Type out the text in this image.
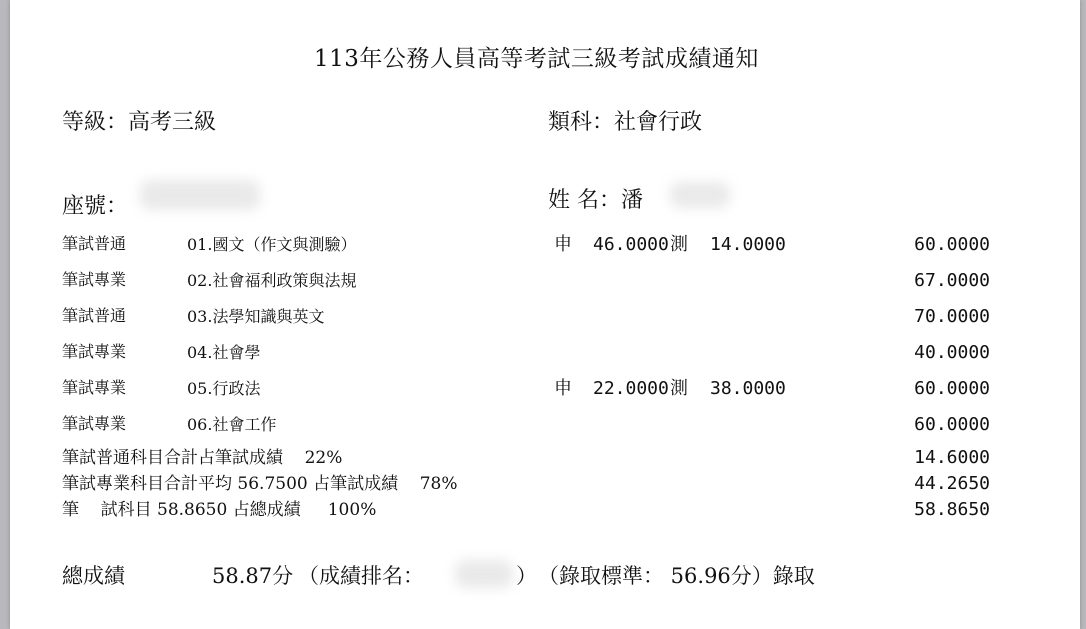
113年公務人員高等考試三級考試成績通知
等級：高考三級	類科：社會行政
座號：	姓 名：潘
筆試普通	01.國文（作文與測驗）	申 46.0000 測 14.0000	60.0000
筆試專業	02.社會福利政策與法規	67.0000
筆試普通	03.法學知識與英文	70.0000
筆試專業	04.社會學	40.0000
筆試專業	05.行政法	申 22.0000 測 38.0000	60.0000
筆試專業	06.社會工作	60.0000
筆試普通科目合計占筆試成績    22%	14.6000
筆試專業科目合計平均 56.7500 占筆試成績    78%	44.2650
筆    試科目 58.8650 占總成績     100%	58.8650
總成績	58.87分 （成績排名：	） （錄取標準： 56.96分）錄取
